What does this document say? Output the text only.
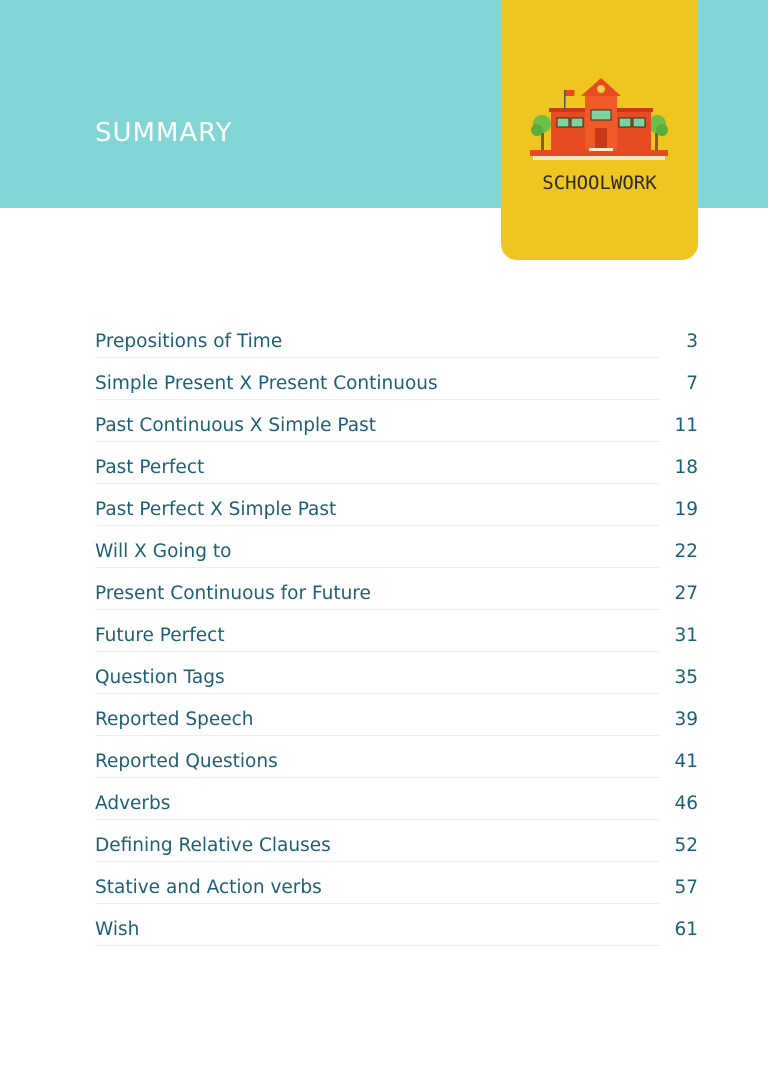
SUMMARY
SCHOOLWORK
Prepositions of Time	3
Simple Present X Present Continuous	7
Past Continuous X Simple Past	11
Past Perfect	18
Past Perfect X Simple Past	19
Will X Going to	22
Present Continuous for Future	27
Future Perfect	31
Question Tags	35
Reported Speech	39
Reported Questions	41
Adverbs	46
Defining Relative Clauses	52
Stative and Action verbs	57
Wish	61
